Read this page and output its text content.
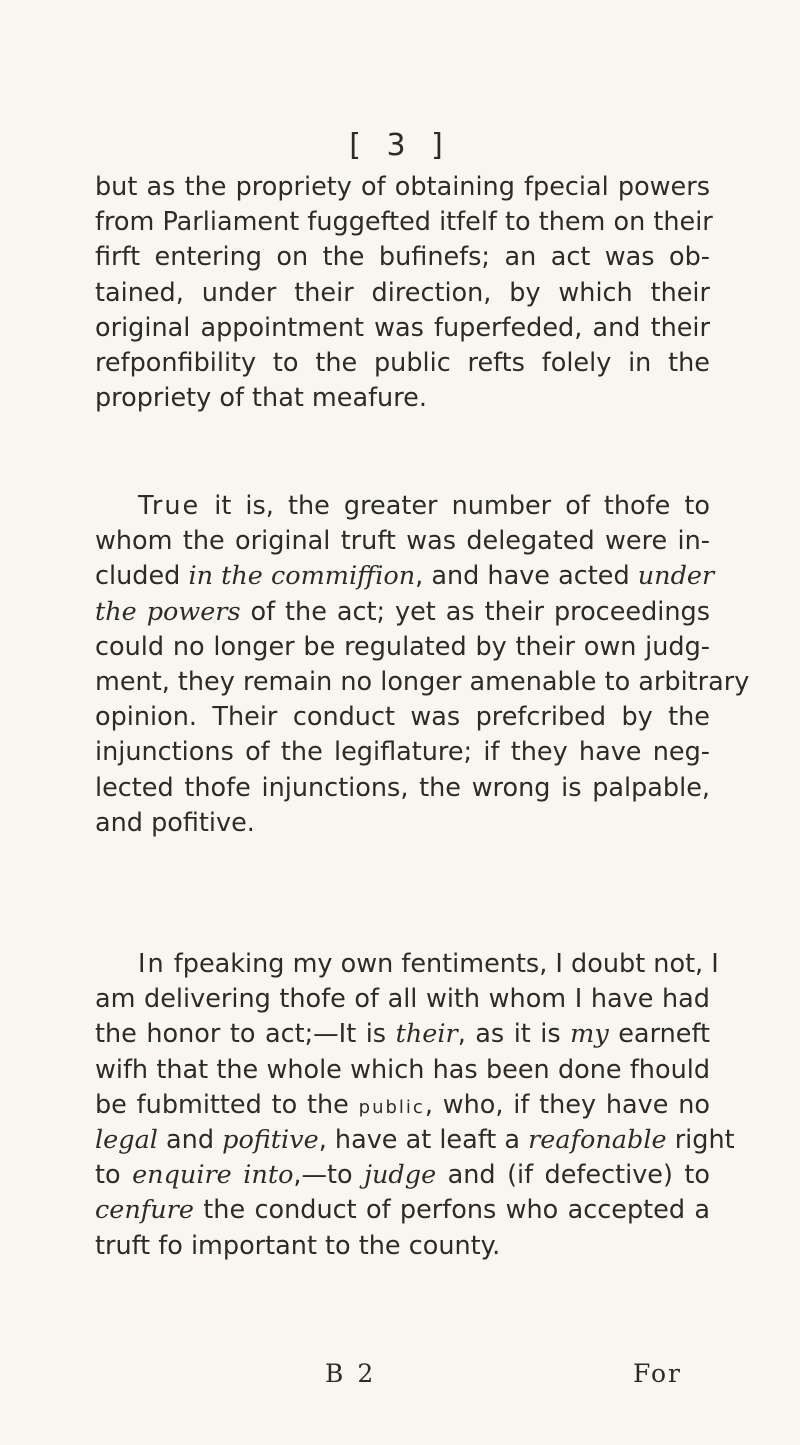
[ 3 ]
but as the propriety of obtaining fpecial powers
from Parliament fuggefted itfelf to them on their
firft entering on the bufinefs; an act was ob-
tained, under their direction, by which their
original appointment was fuperfeded, and their
refponfibility to the public refts folely in the
propriety of that meafure.
True it is, the greater number of thofe to
whom the original truft was delegated were in-
cluded in the commiffion, and have acted under
the powers of the act; yet as their proceedings
could no longer be regulated by their own judg-
ment, they remain no longer amenable to arbitrary
opinion. Their conduct was prefcribed by the
injunctions of the legiflature; if they have neg-
lected thofe injunctions, the wrong is palpable,
and pofitive.
In fpeaking my own fentiments, I doubt not, I
am delivering thofe of all with whom I have had
the honor to act;—It is their, as it is my earneft
wifh that the whole which has been done fhould
be fubmitted to the public, who, if they have no
legal and pofitive, have at leaft a reafonable right
to enquire into,—to judge and (if defective) to
cenfure the conduct of perfons who accepted a
truft fo important to the county.
B 2	For
